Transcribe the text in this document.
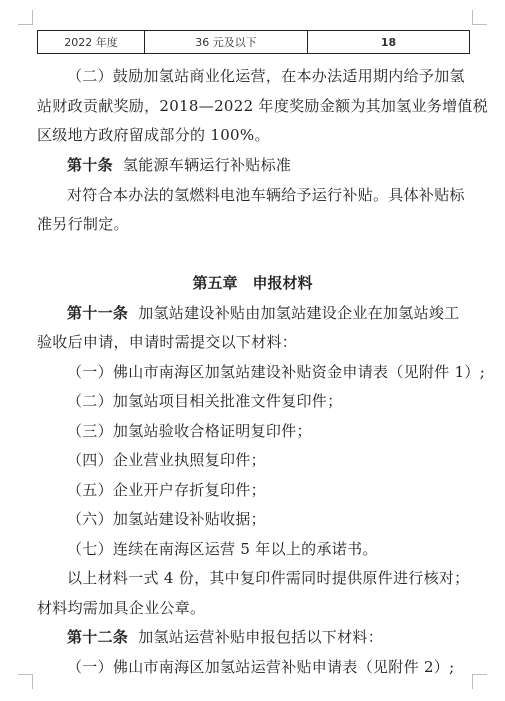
2022 年度	36 元及以下	18
（二）鼓励加氢站商业化运营，在本办法适用期内给予加氢
站财政贡献奖励，2018—2022 年度奖励金额为其加氢业务增值税
区级地方政府留成部分的 100%。
第十条 氢能源车辆运行补贴标准
对符合本办法的氢燃料电池车辆给予运行补贴。具体补贴标
准另行制定。
第五章　申报材料
第十一条 加氢站建设补贴由加氢站建设企业在加氢站竣工
验收后申请，申请时需提交以下材料：
（一）佛山市南海区加氢站建设补贴资金申请表（见附件 1）;
（二）加氢站项目相关批准文件复印件；
（三）加氢站验收合格证明复印件；
（四）企业营业执照复印件；
（五）企业开户存折复印件；
（六）加氢站建设补贴收据；
（七）连续在南海区运营 5 年以上的承诺书。
以上材料一式 4 份，其中复印件需同时提供原件进行核对；
材料均需加具企业公章。
第十二条 加氢站运营补贴申报包括以下材料：
（一）佛山市南海区加氢站运营补贴申请表（见附件 2）;
